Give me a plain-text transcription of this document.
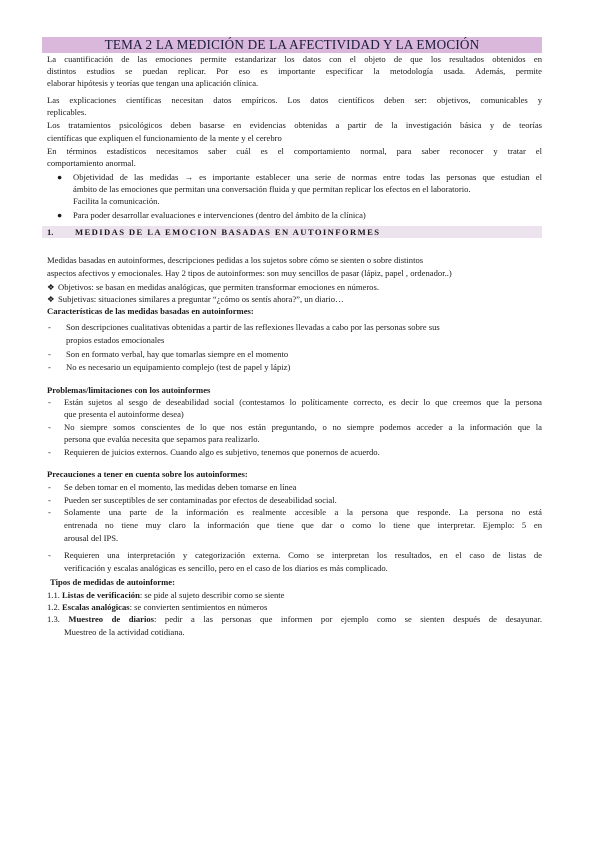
TEMA 2 LA MEDICIÓN DE LA AFECTIVIDAD Y LA EMOCIÓN
La cuantificación de las emociones permite estandarizar los datos con el objeto de que los resultados obtenidos en
distintos estudios se puedan replicar. Por eso es importante especificar la metodología usada. Además, permite
elaborar hipótesis y teorías que tengan una aplicación clínica.
Las explicaciones científicas necesitan datos empíricos. Los datos científicos deben ser: objetivos, comunicables y
replicables.
Los tratamientos psicológicos deben basarse en evidencias obtenidas a partir de la investigación básica y de teorías
científicas que expliquen el funcionamiento de la mente y el cerebro
En términos estadísticos necesitamos saber cuál es el comportamiento normal, para saber reconocer y tratar el
comportamiento anormal.
● Objetividad de las medidas → es importante establecer una serie de normas entre todas las personas que estudian el
ámbito de las emociones que permitan una conversación fluida y que permitan replicar los efectos en el laboratorio.
Facilita la comunicación.
● Para poder desarrollar evaluaciones e intervenciones (dentro del ámbito de la clínica)
1.	MEDIDAS DE LA EMOCION BASADAS EN AUTOINFORMES
Medidas basadas en autoinformes, descripciones pedidas a los sujetos sobre cómo se sienten o sobre distintos
aspectos afectivos y emocionales. Hay 2 tipos de autoinformes: son muy sencillos de pasar (lápiz, papel , ordenador..)
❖ Objetivos: se basan en medidas analógicas, que permiten transformar emociones en números.
❖ Subjetivas: situaciones similares a preguntar “¿cómo os sentís ahora?”, un diario…
Características de las medidas basadas en autoinformes:
- Son descripciones cualitativas obtenidas a partir de las reflexiones llevadas a cabo por las personas sobre sus
propios estados emocionales
- Son en formato verbal, hay que tomarlas siempre en el momento
- No es necesario un equipamiento complejo (test de papel y lápiz)
Problemas/limitaciones con los autoinformes
- Están sujetos al sesgo de deseabilidad social (contestamos lo políticamente correcto, es decir lo que creemos que la persona
que presenta el autoinforme desea)
- No siempre somos conscientes de lo que nos están preguntando, o no siempre podemos acceder a la información que la
persona que evalúa necesita que sepamos para realizarlo.
- Requieren de juicios externos. Cuando algo es subjetivo, tenemos que ponernos de acuerdo.
Precauciones a tener en cuenta sobre los autoinformes:
- Se deben tomar en el momento, las medidas deben tomarse en línea
- Pueden ser susceptibles de ser contaminadas por efectos de deseabilidad social.
- Solamente una parte de la información es realmente accesible a la persona que responde. La persona no está
entrenada no tiene muy claro la información que tiene que dar o como lo tiene que interpretar. Ejemplo: 5 en
arousal del IPS.
- Requieren una interpretación y categorización externa. Como se interpretan los resultados, en el caso de listas de
verificación y escalas analógicas es sencillo, pero en el caso de los diarios es más complicado.
Tipos de medidas de autoinforme:
1.1. Listas de verificación: se pide al sujeto describir como se siente
1.2. Escalas analógicas: se convierten sentimientos en números
1.3. Muestreo de diarios: pedir a las personas que informen por ejemplo como se sienten después de desayunar.
Muestreo de la actividad cotidiana.
